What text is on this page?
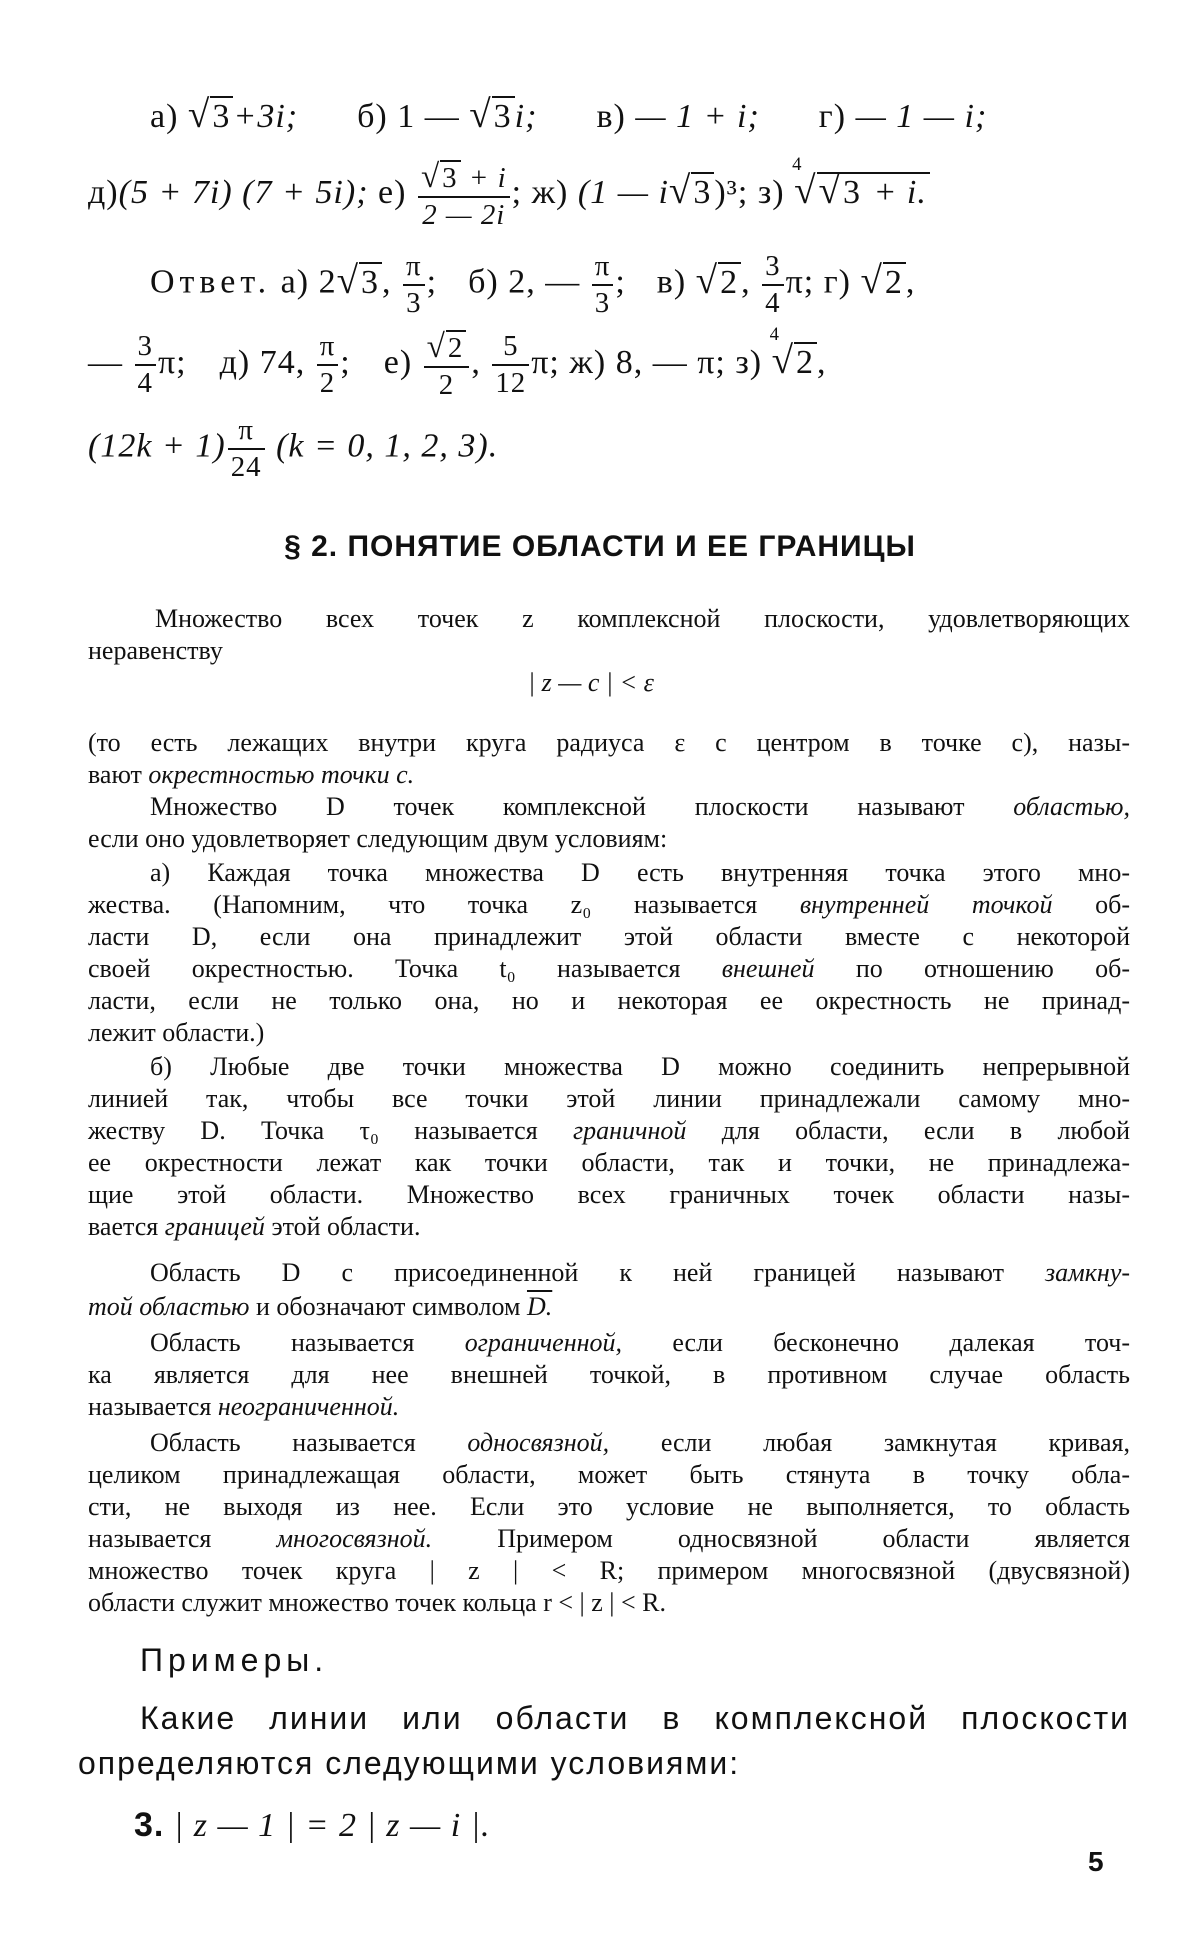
а) √3+3i; б) 1 — √3i; в) — 1 + i; г) — 1 — i;
д)(5 + 7i) (7 + 5i); е) √3 + i
2 — 2i
; ж) (1 — i√3)³; з)
4
√√3 + i.
Ответ. а) 2√3, π
3
;  б) 2, — π
3
;  в) √2, 3
4
π; г) √2,
— 3
4
π; д) 74, π
2
;  е) √2
2
, 5
12
π; ж) 8, — π; з)
4
√2,
(12k + 1) π
24
(k = 0, 1, 2, 3).
§ 2. ПОНЯТИЕ ОБЛАСТИ И ЕЕ ГРАНИЦЫ
Множество всех точек z комплексной плоскости, удовлетворяющих
неравенству
| z — c | < ε
(то есть лежащих внутри круга радиуса ε с центром в точке c), назы-
вают окрестностью точки c.
Множество D точек комплексной плоскости называют областью,
если оно удовлетворяет следующим двум условиям:
а) Каждая точка множества D есть внутренняя точка этого мно-
жества. (Напомним, что точка z₀ называется внутренней точкой об-
ласти D, если она принадлежит этой области вместе с некоторой
своей окрестностью. Точка t₀ называется внешней по отношению об-
ласти, если не только она, но и некоторая ее окрестность не принад-
лежит области.)
б) Любые две точки множества D можно соединить непрерывной
линией так, чтобы все точки этой линии принадлежали самому мно-
жеству D. Точка τ₀ называется граничной для области, если в любой
ее окрестности лежат как точки области, так и точки, не принадлежа-
щие этой области. Множество всех граничных точек области назы-
вается границей этой области.
Область D с присоединенной к ней границей называют замкну-
той областью и обозначают символом D.
Область называется ограниченной, если бесконечно далекая точ-
ка является для нее внешней точкой, в противном случае область
называется неограниченной.
Область называется односвязной, если любая замкнутая кривая,
целиком принадлежащая области, может быть стянута в точку обла-
сти, не выходя из нее. Если это условие не выполняется, то область
называется	многосвязной.	Примером односвязной области является
множество точек круга | z | < R; примером многосвязной (двусвязной)
области служит множество точек кольца r < | z | < R.
Примеры.
Какие линии или области в комплексной плоскости
определяются следующими условиями:
3. | z — 1 | = 2 | z — i |.
5
